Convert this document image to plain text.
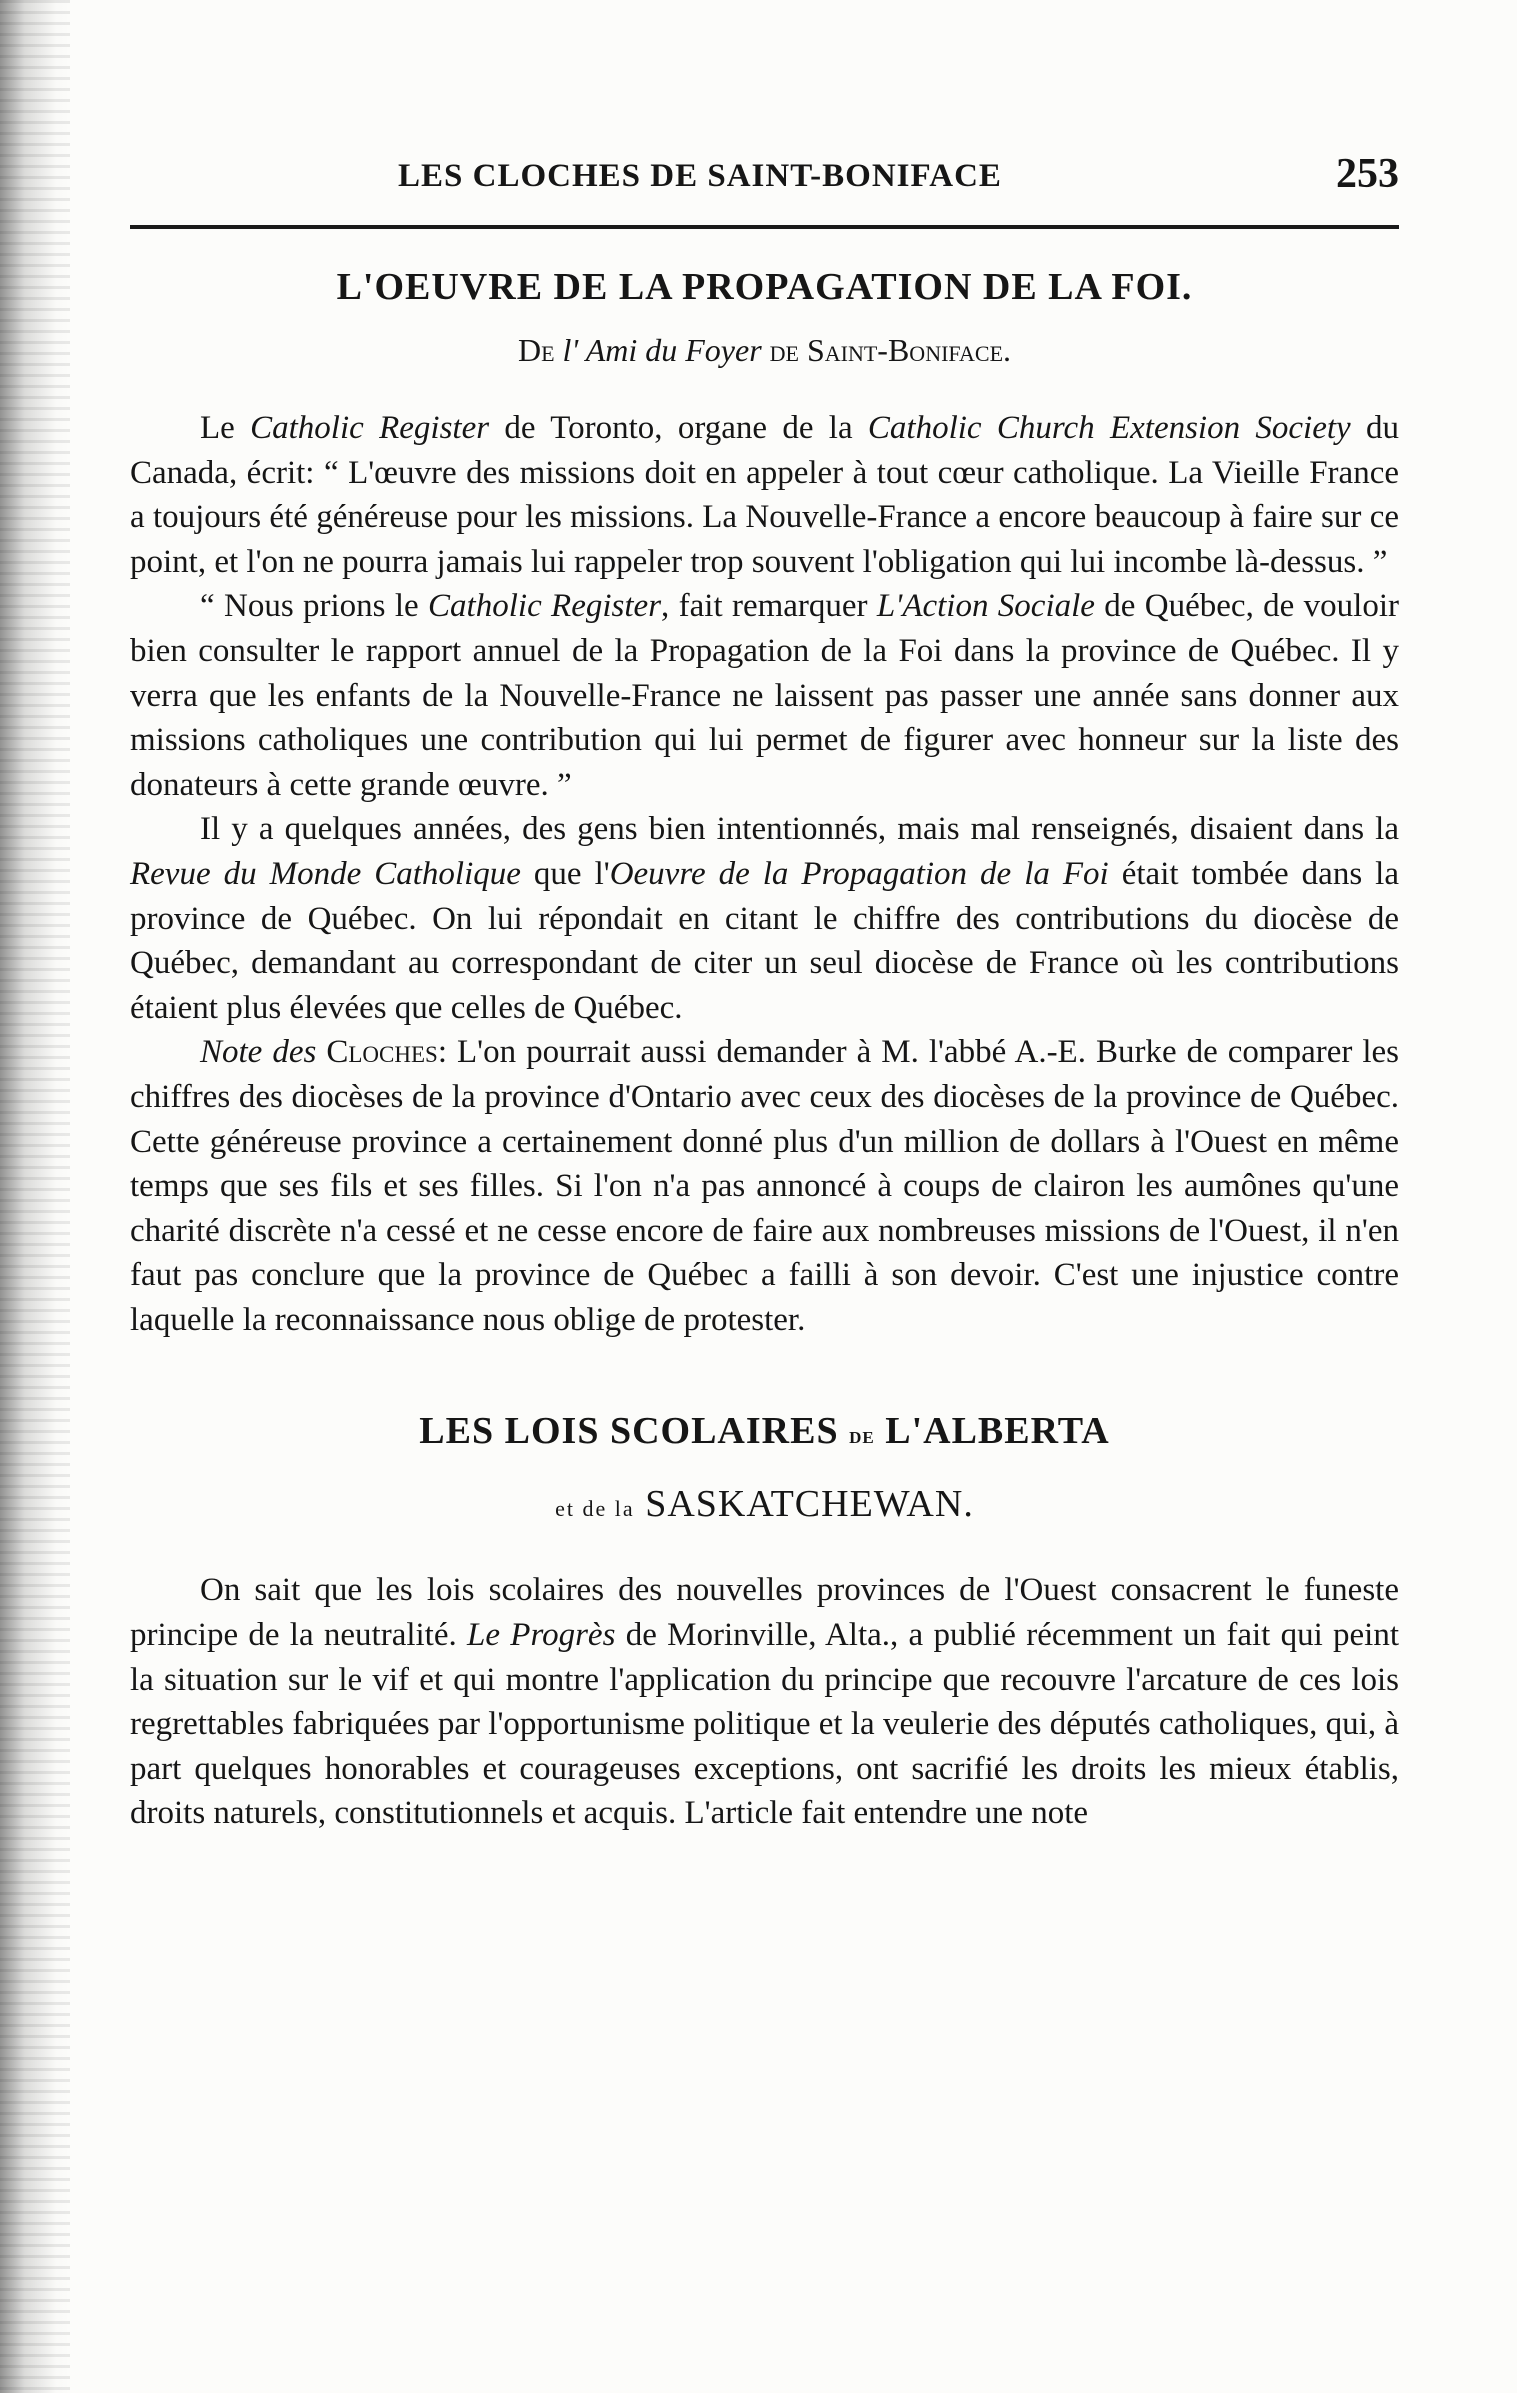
LES CLOCHES DE SAINT-BONIFACE	253
L'OEUVRE DE LA PROPAGATION DE LA FOI.
De l' Ami du Foyer de Saint-Boniface.

Le Catholic Register de Toronto, organe de la Catholic Church Extension Society du Canada, écrit: “ L'œuvre des missions doit en appeler à tout cœur catholique. La Vieille France a toujours été généreuse pour les missions. La Nouvelle-France a encore beaucoup à faire sur ce point, et l'on ne pourra jamais lui rappeler trop souvent l'obligation qui lui incombe là-dessus. ”

“ Nous prions le Catholic Register, fait remarquer L'Action Sociale de Québec, de vouloir bien consulter le rapport annuel de la Propagation de la Foi dans la province de Québec. Il y verra que les enfants de la Nouvelle-France ne laissent pas passer une année sans donner aux missions catholiques une contribution qui lui permet de figurer avec honneur sur la liste des donateurs à cette grande œuvre. ”

Il y a quelques années, des gens bien intentionnés, mais mal renseignés, disaient dans la Revue du Monde Catholique que l'Oeuvre de la Propagation de la Foi était tombée dans la province de Québec. On lui répondait en citant le chiffre des contributions du diocèse de Québec, demandant au correspondant de citer un seul diocèse de France où les contributions étaient plus élevées que celles de Québec.

Note des Cloches: L'on pourrait aussi demander à M. l'abbé A.-E. Burke de comparer les chiffres des diocèses de la province d'Ontario avec ceux des diocèses de la province de Québec. Cette généreuse province a certainement donné plus d'un million de dollars à l'Ouest en même temps que ses fils et ses filles. Si l'on n'a pas annoncé à coups de clairon les aumônes qu'une charité discrète n'a cessé et ne cesse encore de faire aux nombreuses missions de l'Ouest, il n'en faut pas conclure que la province de Québec a failli à son devoir. C'est une injustice contre laquelle la reconnaissance nous oblige de protester.

LES LOIS SCOLAIRES de L'ALBERTA
et de la SASKATCHEWAN.

On sait que les lois scolaires des nouvelles provinces de l'Ouest consacrent le funeste principe de la neutralité. Le Progrès de Morinville, Alta., a publié récemment un fait qui peint la situation sur le vif et qui montre l'application du principe que recouvre l'arcature de ces lois regrettables fabriquées par l'opportunisme politique et la veulerie des députés catholiques, qui, à part quelques honorables et courageuses exceptions, ont sacrifié les droits les mieux établis, droits naturels, constitutionnels et acquis. L'article fait entendre une note
